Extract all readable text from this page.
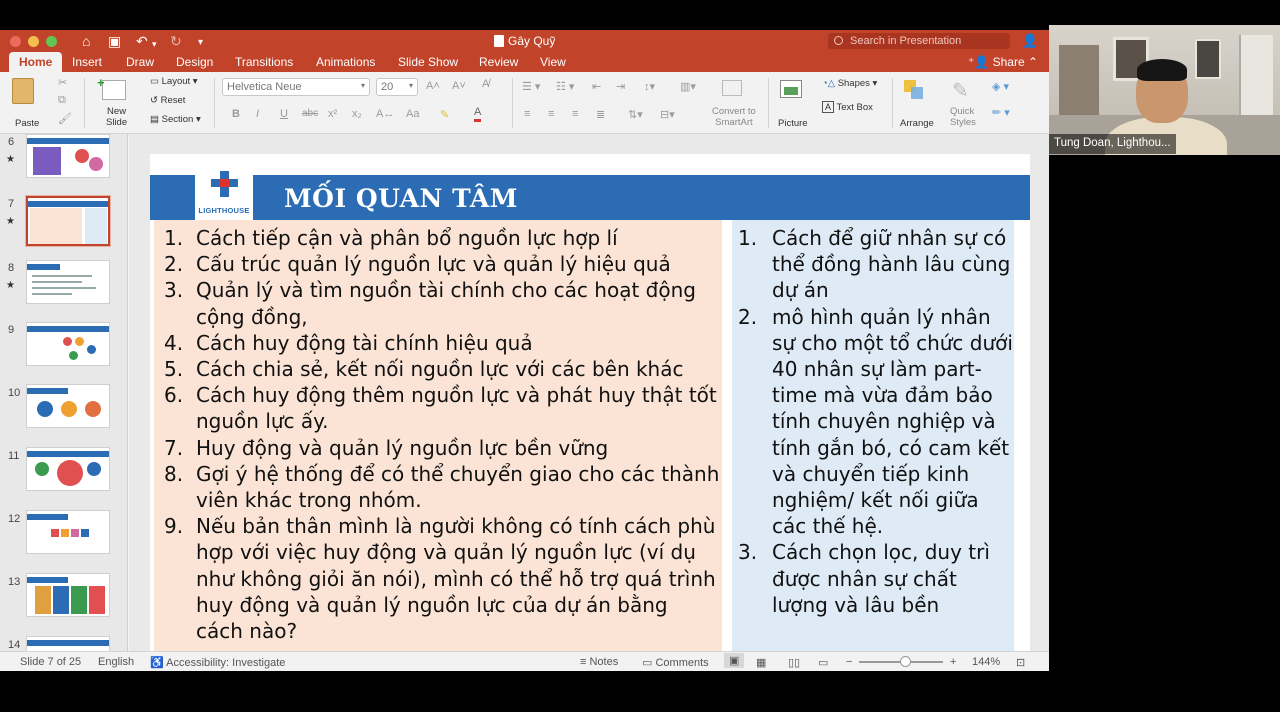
⌂ ▣ ↶ ▾ ↻ ▾	Gây Quỹ	Search in Presentation	👤
Home	Insert Draw Design Transitions Animations Slide Show Review View	⁺👤 Share ⌃
Paste
✂
⧉
🖌
+
New
Slide
▭ Layout ▾
↺ Reset
▤ Section ▾
Helvetica Neue	▾	20 ▾ A˄ A˅ A̸
B I U abc x² x₂ A↔ Aa ✎ A
☰ ▾ ☷ ▾ ⇤ ⇥ ↕▾ ▥▾
≡ ≡ ≡ ≣ ⇅▾ ⊟▾	Convert to
SmartArt	Picture
◔△ Shapes ▾
A Text Box
Arrange
✎
Quick
Styles
◈ ▾
✏ ▾
6
★
7
★
8
★
9
10
11
12
13
14
LIGHTHOUSE MỐI QUAN TÂM
1. Cách tiếp cận và phân bổ nguồn lực hợp lí
2. Cấu trúc quản lý nguồn lực và quản lý hiệu quả
3. Quản lý và tìm nguồn tài chính cho các hoạt động cộng đồng,
4. Cách huy động tài chính hiệu quả
5. Cách chia sẻ, kết nối nguồn lực với các bên khác
6. Cách huy động thêm nguồn lực và phát huy thật tốt nguồn lực ấy.
7. Huy động và quản lý nguồn lực bền vững
8. Gợi ý hệ thống để có thể chuyển giao cho các thành viên khác trong nhóm.
9. Nếu bản thân mình là người không có tính cách phù hợp với việc huy động và quản lý nguồn lực (ví dụ như không giỏi ăn nói), mình có thể hỗ trợ quá trình huy động và quản lý nguồn lực của dự án bằng cách nào?
1. Cách để giữ nhân sự có thể đồng hành lâu cùng dự án
2. mô hình quản lý nhân sự cho một tổ chức dưới 40 nhân sự làm part-time mà vừa đảm bảo tính chuyên nghiệp và tính gắn bó, có cam kết và chuyển tiếp kinh nghiệm/ kết nối giữa các thế hệ.
3. Cách chọn lọc, duy trì được nhân sự chất lượng và lâu bền
Slide 7 of 25 English ♿ Accessibility: Investigate	≡ Notes ▭ Comments	▣	▦ ▯▯ ▭ −	+ 144% ⊡
Tung Doan, Lighthou...
